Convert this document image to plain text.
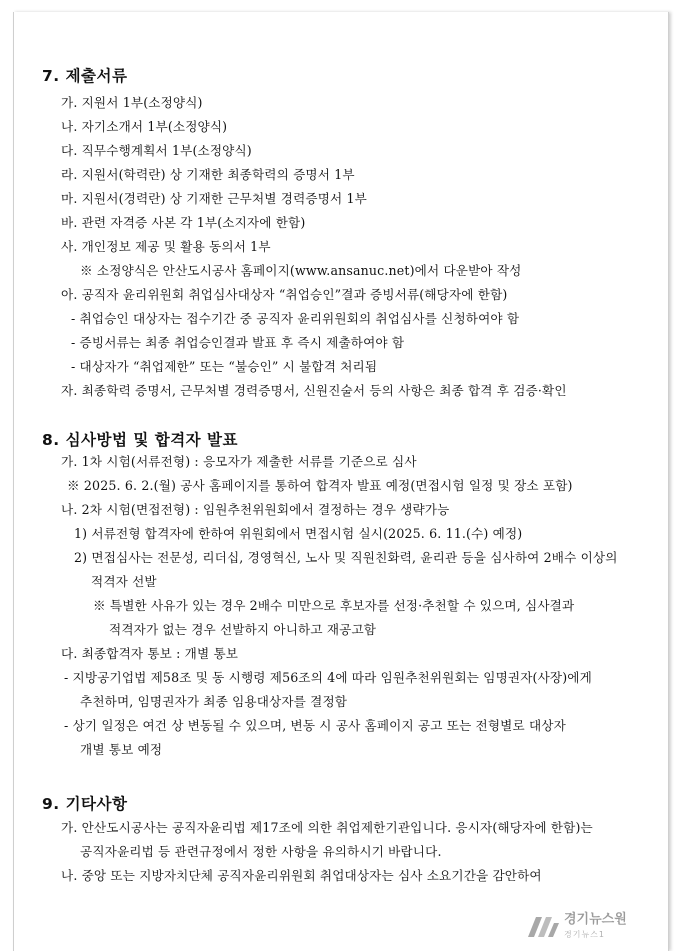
7. 제출서류
가. 지원서 1부(소정양식)
나. 자기소개서 1부(소정양식)
다. 직무수행계획서 1부(소정양식)
라. 지원서(학력란) 상 기재한 최종학력의 증명서 1부
마. 지원서(경력란) 상 기재한 근무처별 경력증명서 1부
바. 관련 자격증 사본 각 1부(소지자에 한함)
사. 개인정보 제공 및 활용 동의서 1부
※ 소정양식은 안산도시공사 홈페이지(www.ansanuc.net)에서 다운받아 작성
아. 공직자 윤리위원회 취업심사대상자 “취업승인”결과 증빙서류(해당자에 한함)
- 취업승인 대상자는 접수기간 중 공직자 윤리위원회의 취업심사를 신청하여야 함
- 증빙서류는 최종 취업승인결과 발표 후 즉시 제출하여야 함
- 대상자가 “취업제한” 또는 “불승인” 시 불합격 처리됨
자. 최종학력 증명서, 근무처별 경력증명서, 신원진술서 등의 사항은 최종 합격 후 검증·확인
8. 심사방법 및 합격자 발표
가. 1차 시험(서류전형) : 응모자가 제출한 서류를 기준으로 심사
※ 2025. 6. 2.(월) 공사 홈페이지를 통하여 합격자 발표 예정(면접시험 일정 및 장소 포함)
나. 2차 시험(면접전형) : 임원추천위원회에서 결정하는 경우 생략가능
1) 서류전형 합격자에 한하여 위원회에서 면접시험 실시(2025. 6. 11.(수) 예정)
2) 면접심사는 전문성, 리더십, 경영혁신, 노사 및 직원친화력, 윤리관 등을 심사하여 2배수 이상의
적격자 선발
※ 특별한 사유가 있는 경우 2배수 미만으로 후보자를 선정·추천할 수 있으며, 심사결과
적격자가 없는 경우 선발하지 아니하고 재공고함
다. 최종합격자 통보 : 개별 통보
- 지방공기업법 제58조 및 동 시행령 제56조의 4에 따라 임원추천위원회는 임명권자(사장)에게
추천하며, 임명권자가 최종 임용대상자를 결정함
- 상기 일정은 여건 상 변동될 수 있으며, 변동 시 공사 홈페이지 공고 또는 전형별로 대상자
개별 통보 예정
9. 기타사항
가. 안산도시공사는 공직자윤리법 제17조에 의한 취업제한기관입니다. 응시자(해당자에 한함)는
공직자윤리법 등 관련규정에서 정한 사항을 유의하시기 바랍니다.
나. 중앙 또는 지방자치단체 공직자윤리위원회 취업대상자는 심사 소요기간을 감안하여
경기뉴스원
경기뉴스1
